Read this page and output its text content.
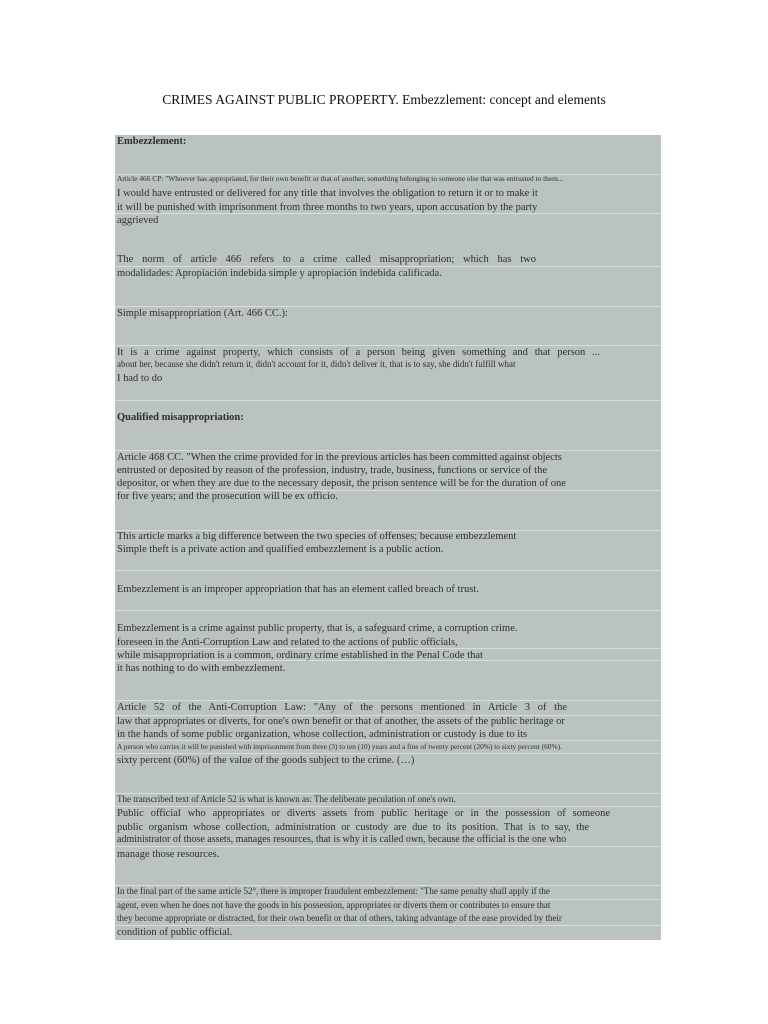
CRIMES AGAINST PUBLIC PROPERTY. Embezzlement: concept and elements
Embezzlement:
Article 466 CP: "Whoever has appropriated, for their own benefit or that of another, something belonging to someone else that was entrusted to them...
I would have entrusted or delivered for any title that involves the obligation to return it or to make it
it will be punished with imprisonment from three months to two years, upon accusation by the party
aggrieved
The norm of article 466 refers to a crime called misappropriation; which has two
modalidades: Apropiación indebida simple y apropiación indebida calificada.
Simple misappropriation (Art. 466 CC.):
It is a crime against property, which consists of a person being given something and that person ...
about her, because she didn't return it, didn't account for it, didn't deliver it, that is to say, she didn't fulfill what
I had to do
Qualified misappropriation:
Article 468 CC. "When the crime provided for in the previous articles has been committed against objects
entrusted or deposited by reason of the profession, industry, trade, business, functions or service of the
depositor, or when they are due to the necessary deposit, the prison sentence will be for the duration of one
for five years; and the prosecution will be ex officio.
This article marks a big difference between the two species of offenses; because embezzlement
Simple theft is a private action and qualified embezzlement is a public action.
Embezzlement is an improper appropriation that has an element called breach of trust.
Embezzlement is a crime against public property, that is, a safeguard crime, a corruption crime.
foreseen in the Anti-Corruption Law and related to the actions of public officials,
while misappropriation is a common, ordinary crime established in the Penal Code that
it has nothing to do with embezzlement.
Article 52 of the Anti-Corruption Law: "Any of the persons mentioned in Article 3 of the
law that appropriates or diverts, for one's own benefit or that of another, the assets of the public heritage or
in the hands of some public organization, whose collection, administration or custody is due to its
A person who carries it will be punished with imprisonment from three (3) to ten (10) years and a fine of twenty percent (20%) to sixty percent (60%).
sixty percent (60%) of the value of the goods subject to the crime. (…)
The transcribed text of Article 52 is what is known as: The deliberate peculation of one's own.
Public official who appropriates or diverts assets from public heritage or in the possession of someone
public organism whose collection, administration or custody are due to its position. That is to say, the
administrator of those assets, manages resources, that is why it is called own, because the official is the one who
manage those resources.
In the final part of the same article 52°, there is improper fraudulent embezzlement: "The same penalty shall apply if the
agent, even when he does not have the goods in his possession, appropriates or diverts them or contributes to ensure that
they become appropriate or distracted, for their own benefit or that of others, taking advantage of the ease provided by their
condition of public official.
